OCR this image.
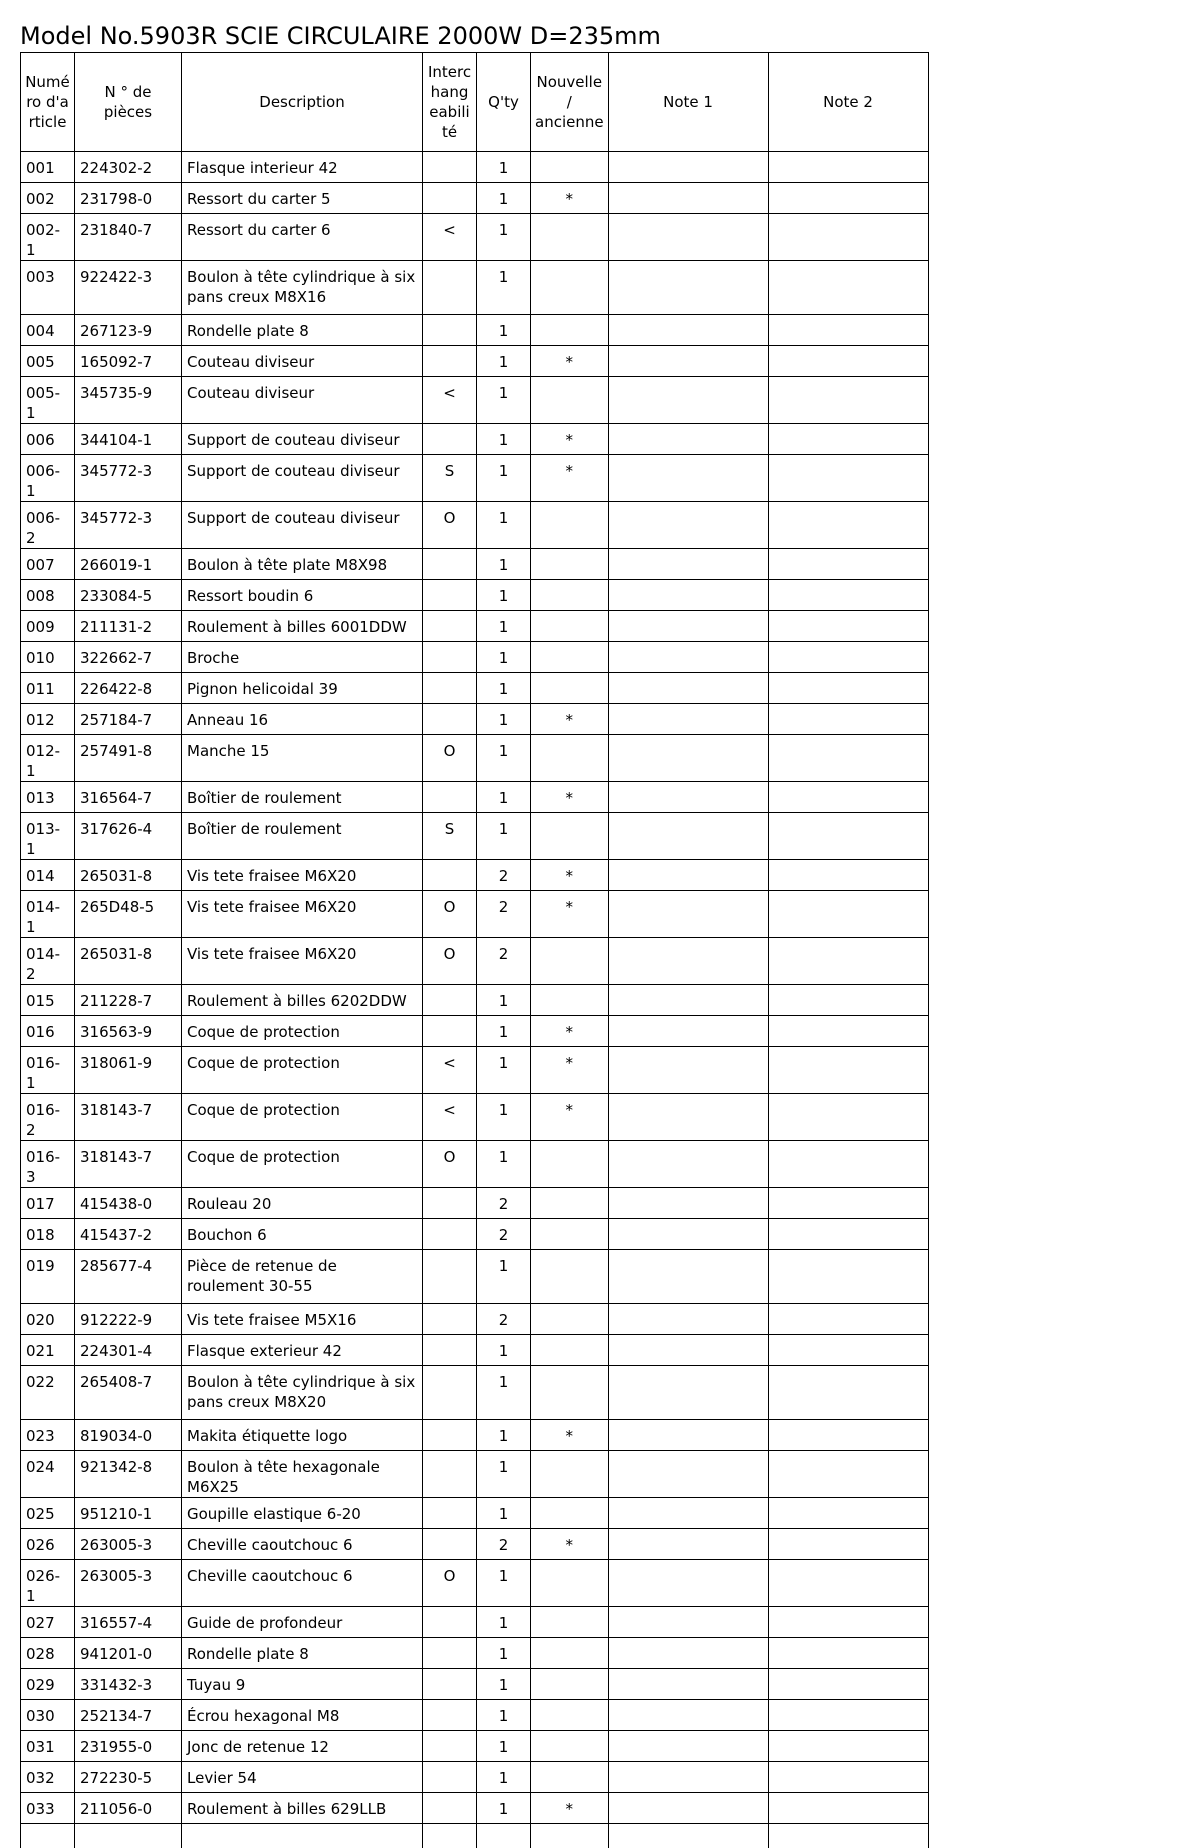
Model No.5903R SCIE CIRCULAIRE 2000W D=235mm
Numéro d'article	N ° de pièces	Description	Interchangeabilité	Q'ty	Nouvelle / ancienne	Note 1	Note 2
001	224302-2	Flasque interieur 42		1			
002	231798-0	Ressort du carter 5		1	*		
002-1	231840-7	Ressort du carter 6	<	1			
003	922422-3	Boulon à tête cylindrique à six pans creux M8X16		1			
004	267123-9	Rondelle plate 8		1			
005	165092-7	Couteau diviseur		1	*		
005-1	345735-9	Couteau diviseur	<	1			
006	344104-1	Support de couteau diviseur		1	*		
006-1	345772-3	Support de couteau diviseur	S	1	*		
006-2	345772-3	Support de couteau diviseur	O	1			
007	266019-1	Boulon à tête plate M8X98		1			
008	233084-5	Ressort boudin 6		1			
009	211131-2	Roulement à billes 6001DDW		1			
010	322662-7	Broche		1			
011	226422-8	Pignon helicoidal 39		1			
012	257184-7	Anneau 16		1	*		
012-1	257491-8	Manche 15	O	1			
013	316564-7	Boîtier de roulement		1	*		
013-1	317626-4	Boîtier de roulement	S	1			
014	265031-8	Vis tete fraisee M6X20		2	*		
014-1	265D48-5	Vis tete fraisee M6X20	O	2	*		
014-2	265031-8	Vis tete fraisee M6X20	O	2			
015	211228-7	Roulement à billes 6202DDW		1			
016	316563-9	Coque de protection		1	*		
016-1	318061-9	Coque de protection	<	1	*		
016-2	318143-7	Coque de protection	<	1	*		
016-3	318143-7	Coque de protection	O	1			
017	415438-0	Rouleau 20		2			
018	415437-2	Bouchon 6		2			
019	285677-4	Pièce de retenue de roulement 30-55		1			
020	912222-9	Vis tete fraisee M5X16		2			
021	224301-4	Flasque exterieur 42		1			
022	265408-7	Boulon à tête cylindrique à six pans creux M8X20		1			
023	819034-0	Makita étiquette logo		1	*		
024	921342-8	Boulon à tête hexagonale M6X25		1			
025	951210-1	Goupille elastique 6-20		1			
026	263005-3	Cheville caoutchouc 6		2	*		
026-1	263005-3	Cheville caoutchouc 6	O	1			
027	316557-4	Guide de profondeur		1			
028	941201-0	Rondelle plate 8		1			
029	331432-3	Tuyau 9		1			
030	252134-7	Écrou hexagonal M8		1			
031	231955-0	Jonc de retenue 12		1			
032	272230-5	Levier 54		1			
033	211056-0	Roulement à billes 629LLB		1	*		
